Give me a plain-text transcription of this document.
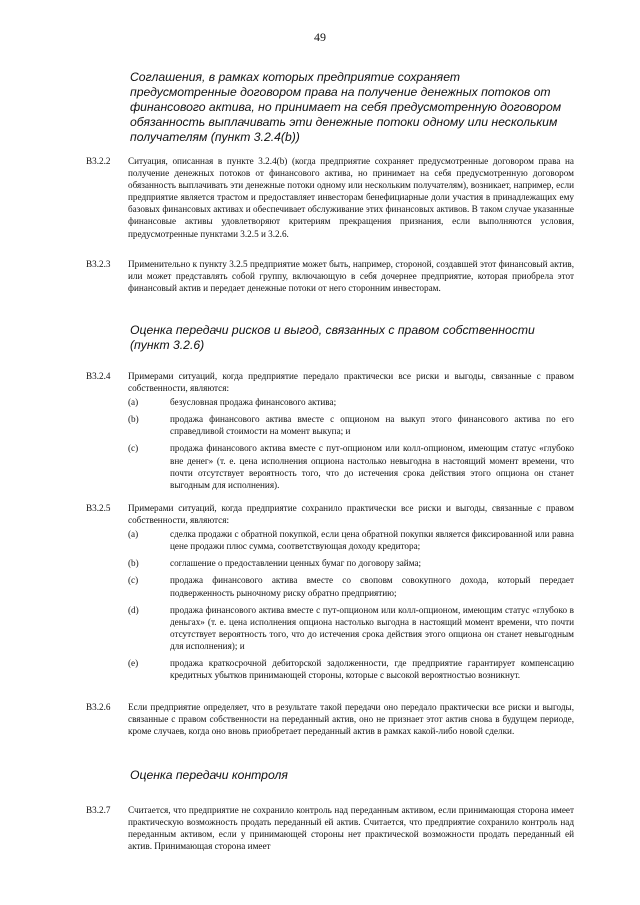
49
Соглашения, в рамках которых предприятие сохраняет предусмотренные договором права на получение денежных потоков от финансового актива, но принимает на себя предусмотренную договором обязанность выплачивать эти денежные потоки одному или нескольким получателям (пункт 3.2.4(b))
B3.2.2	Ситуация, описанная в пункте 3.2.4(b) (когда предприятие сохраняет предусмотренные договором права на получение денежных потоков от финансового актива, но принимает на себя предусмотренную договором обязанность выплачивать эти денежные потоки одному или нескольким получателям), возникает, например, если предприятие является трастом и предоставляет инвесторам бенефициарные доли участия в принадлежащих ему базовых финансовых активах и обеспечивает обслуживание этих финансовых активов. В таком случае указанные финансовые активы удовлетворяют критериям прекращения признания, если выполняются условия, предусмотренные пунктами 3.2.5 и 3.2.6.
B3.2.3	Применительно к пункту 3.2.5 предприятие может быть, например, стороной, создавшей этот финансовый актив, или может представлять собой группу, включающую в себя дочернее предприятие, которая приобрела этот финансовый актив и передает денежные потоки от него сторонним инвесторам.
Оценка передачи рисков и выгод, связанных с правом собственности (пункт 3.2.6)
B3.2.4	Примерами ситуаций, когда предприятие передало практически все риски и выгоды, связанные с правом собственности, являются:
(a)	безусловная продажа финансового актива;
(b)	продажа финансового актива вместе с опционом на выкуп этого финансового актива по его справедливой стоимости на момент выкупа; и
(c)	продажа финансового актива вместе с пут-опционом или колл-опционом, имеющим статус «глубоко вне денег» (т. е. цена исполнения опциона настолько невыгодна в настоящий момент времени, что почти отсутствует вероятность того, что до истечения срока действия этого опциона он станет выгодным для исполнения).
B3.2.5	Примерами ситуаций, когда предприятие сохранило практически все риски и выгоды, связанные с правом собственности, являются:
(a)	сделка продажи с обратной покупкой, если цена обратной покупки является фиксированной или равна цене продажи плюс сумма, соответствующая доходу кредитора;
(b)	соглашение о предоставлении ценных бумаг по договору займа;
(c)	продажа финансового актива вместе со своповм совокупного дохода, который передает подверженность рыночному риску обратно предприятию;
(d)	продажа финансового актива вместе с пут-опционом или колл-опционом, имеющим статус «глубоко в деньгах» (т. е. цена исполнения опциона настолько выгодна в настоящий момент времени, что почти отсутствует вероятность того, что до истечения срока действия этого опциона он станет невыгодным для исполнения); и
(e)	продажа краткосрочной дебиторской задолженности, где предприятие гарантирует компенсацию кредитных убытков принимающей стороны, которые с высокой вероятностью возникнут.
B3.2.6	Если предприятие определяет, что в результате такой передачи оно передало практически все риски и выгоды, связанные с правом собственности на переданный актив, оно не признает этот актив снова в будущем периоде, кроме случаев, когда оно вновь приобретает переданный актив в рамках какой-либо новой сделки.
Оценка передачи контроля
B3.2.7	Считается, что предприятие не сохранило контроль над переданным активом, если принимающая сторона имеет практическую возможность продать переданный ей актив. Считается, что предприятие сохранило контроль над переданным активом, если у принимающей стороны нет практической возможности продать переданный ей актив. Принимающая сторона имеет
